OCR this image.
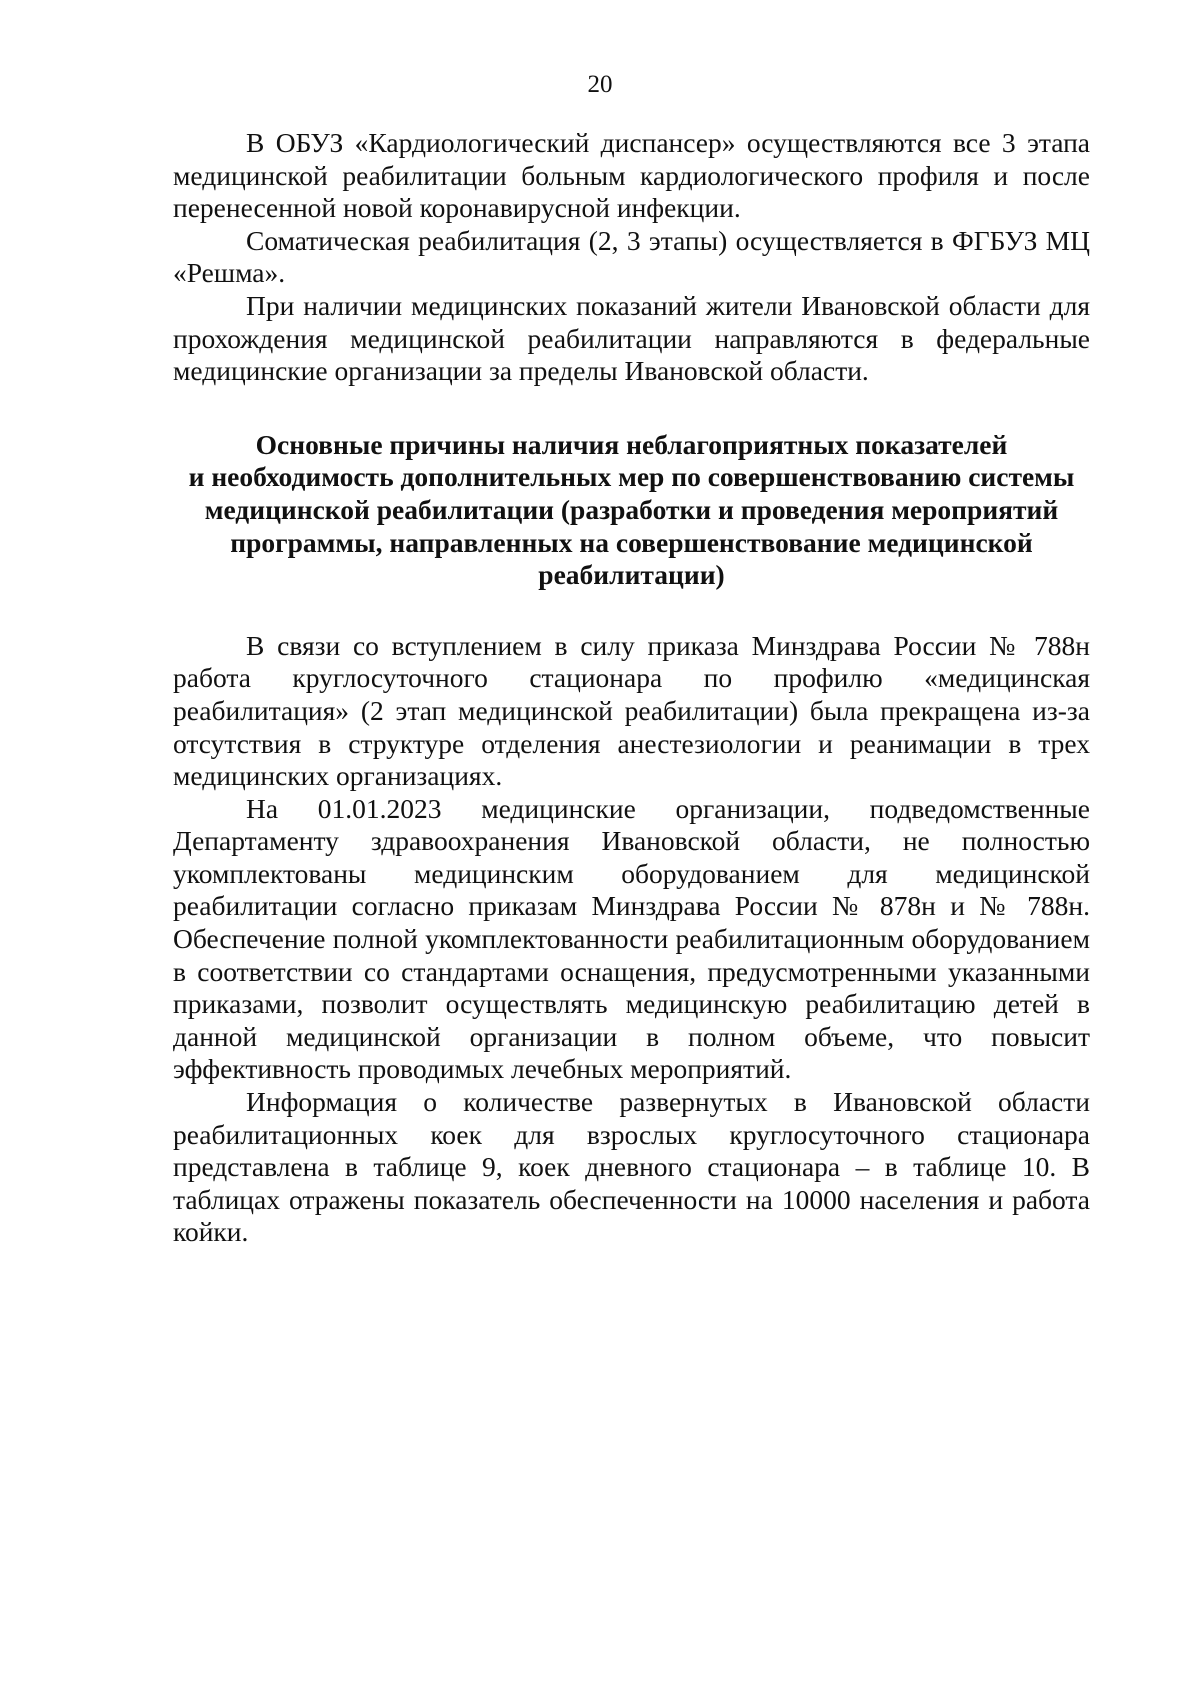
20

В ОБУЗ «Кардиологический диспансер» осуществляются все 3 этапа медицинской реабилитации больным кардиологического профиля и после перенесенной новой коронавирусной инфекции.

Соматическая реабилитация (2, 3 этапы) осуществляется в ФГБУЗ МЦ «Решма».

При наличии медицинских показаний жители Ивановской области для прохождения медицинской реабилитации направляются в федеральные медицинские организации за пределы Ивановской области.

Основные причины наличия неблагоприятных показателей
и необходимость дополнительных мер по совершенствованию системы
медицинской реабилитации (разработки и проведения мероприятий
программы, направленных на совершенствование медицинской
реабилитации)

В связи со вступлением в силу приказа Минздрава России № 788н работа круглосуточного стационара по профилю «медицинская реабилитация» (2 этап медицинской реабилитации) была прекращена из-за отсутствия в структуре отделения анестезиологии и реанимации в трех медицинских организациях.

На 01.01.2023 медицинские организации, подведомственные Департаменту здравоохранения Ивановской области, не полностью укомплектованы медицинским оборудованием для медицинской реабилитации согласно приказам Минздрава России № 878н и № 788н. Обеспечение полной укомплектованности реабилитационным оборудованием в соответствии со стандартами оснащения, предусмотренными указанными приказами, позволит осуществлять медицинскую реабилитацию детей в данной медицинской организации в полном объеме, что повысит эффективность проводимых лечебных мероприятий.

Информация о количестве развернутых в Ивановской области реабилитационных коек для взрослых круглосуточного стационара представлена в таблице 9, коек дневного стационара – в таблице 10. В таблицах отражены показатель обеспеченности на 10000 населения и работа койки.
